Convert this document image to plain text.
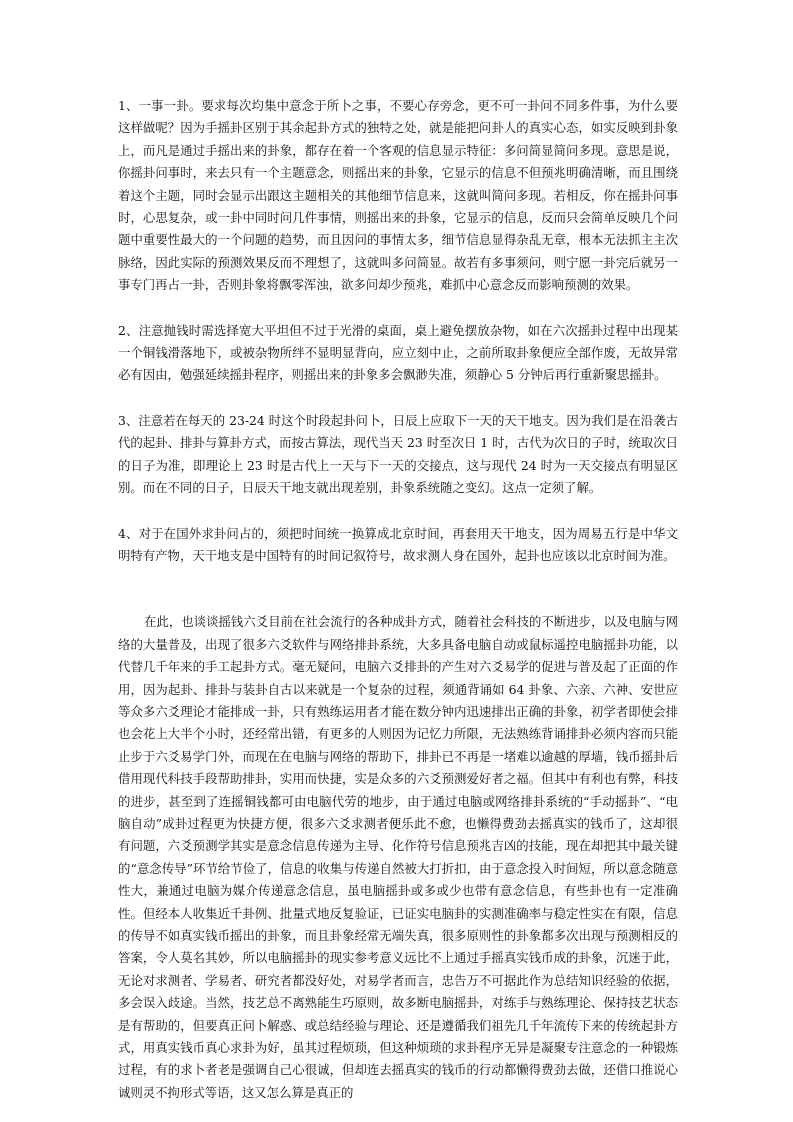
1、一事一卦。要求每次均集中意念于所卜之事，不要心存旁念，更不可一卦问不同多件事，为什么要这样做呢？因为手摇卦区别于其余起卦方式的独特之处，就是能把问卦人的真实心态，如实反映到卦象上，而凡是通过手摇出来的卦象，都存在着一个客观的信息显示特征：多问简显简问多现。意思是说，你摇卦问事时，来去只有一个主题意念，则摇出来的卦象，它显示的信息不但预兆明确清晰，而且围绕着这个主题，同时会显示出跟这主题相关的其他细节信息来，这就叫简问多现。若相反，你在摇卦问事时，心思复杂，或一卦中同时问几件事情，则摇出来的卦象，它显示的信息，反而只会简单反映几个问题中重要性最大的一个问题的趋势，而且因问的事情太多，细节信息显得杂乱无章，根本无法抓主主次脉络，因此实际的预测效果反而不理想了，这就叫多问简显。故若有多事须问，则宁愿一卦完后就另一事专门再占一卦，否则卦象将飘零浑浊，欲多问却少预兆，难抓中心意念反而影响预测的效果。

2、注意抛钱时需选择宽大平坦但不过于光滑的桌面，桌上避免摆放杂物，如在六次摇卦过程中出现某一个铜钱滑落地下，或被杂物所绊不显明显背向，应立刻中止，之前所取卦象便应全部作废，无故异常必有因由，勉强延续摇卦程序，则摇出来的卦象多会飘渺失准，须静心 5 分钟后再行重新聚思摇卦。

3、注意若在每天的 23-24 时这个时段起卦问卜，日辰上应取下一天的天干地支。因为我们是在沿袭古代的起卦、排卦与算卦方式，而按古算法，现代当天 23 时至次日 1 时，古代为次日的子时，统取次日的日子为准，即理论上 23 时是古代上一天与下一天的交接点，这与现代 24 时为一天交接点有明显区别。而在不同的日子，日辰天干地支就出现差别，卦象系统随之变幻。这点一定须了解。

4、对于在国外求卦问占的，须把时间统一换算成北京时间，再套用天干地支，因为周易五行是中华文明特有产物，天干地支是中国特有的时间记叙符号，故求测人身在国外，起卦也应该以北京时间为准。

在此，也谈谈摇钱六爻目前在社会流行的各种成卦方式，随着社会科技的不断进步，以及电脑与网络的大量普及，出现了很多六爻软件与网络排卦系统，大多具备电脑自动或鼠标遥控电脑摇卦功能，以代替几千年来的手工起卦方式。毫无疑问，电脑六爻排卦的产生对六爻易学的促进与普及起了正面的作用，因为起卦、排卦与装卦自古以来就是一个复杂的过程，须通背诵如 64 卦象、六亲、六神、安世应等众多六爻理论才能排成一卦，只有熟练运用者才能在数分钟内迅速排出正确的卦象，初学者即使会排也会花上大半个小时，还经常出错，有更多的人则因为记忆力所限，无法熟练背诵排卦必须内容而只能止步于六爻易学门外，而现在在电脑与网络的帮助下，排卦已不再是一堵难以逾越的厚墙，钱币摇卦后借用现代科技手段帮助排卦，实用而快捷，实是众多的六爻预测爱好者之福。但其中有利也有弊，科技的进步，甚至到了连摇铜钱都可由电脑代劳的地步，由于通过电脑或网络排卦系统的“手动摇卦”、“电脑自动”成卦过程更为快捷方便，很多六爻求测者便乐此不愈，也懒得费劲去摇真实的钱币了，这却很有问题，六爻预测学其实是意念信息传递为主导、化作符号信息预兆吉凶的技能，现在却把其中最关键的“意念传导”环节给节俭了，信息的收集与传递自然被大打折扣，由于意念投入时间短，所以意念随意性大，兼通过电脑为媒介传递意念信息，虽电脑摇卦或多或少也带有意念信息，有些卦也有一定准确性。但经本人收集近千卦例、批量式地反复验证，已证实电脑卦的实测准确率与稳定性实在有限，信息的传导不如真实钱币摇出的卦象，而且卦象经常无端失真，很多原则性的卦象都多次出现与预测相反的答案，令人莫名其妙，所以电脑摇卦的现实参考意义远比不上通过手摇真实钱币成的卦象，沉迷于此，无论对求测者、学易者、研究者都没好处，对易学者而言，忠告万不可据此作为总结知识经验的依据，多会误入歧途。当然，技艺总不离熟能生巧原则，故多断电脑摇卦，对练手与熟练理论、保持技艺状态是有帮助的，但要真正问卜解惑、或总结经验与理论、还是遵循我们祖先几千年流传下来的传统起卦方式，用真实钱币真心求卦为好，虽其过程烦琐，但这种烦琐的求卦程序无异是凝聚专注意念的一种锻炼过程，有的求卜者老是强调自己心很诚，但却连去摇真实的钱币的行动都懒得费劲去做，还借口推说心诚则灵不拘形式等语，这又怎么算是真正的
